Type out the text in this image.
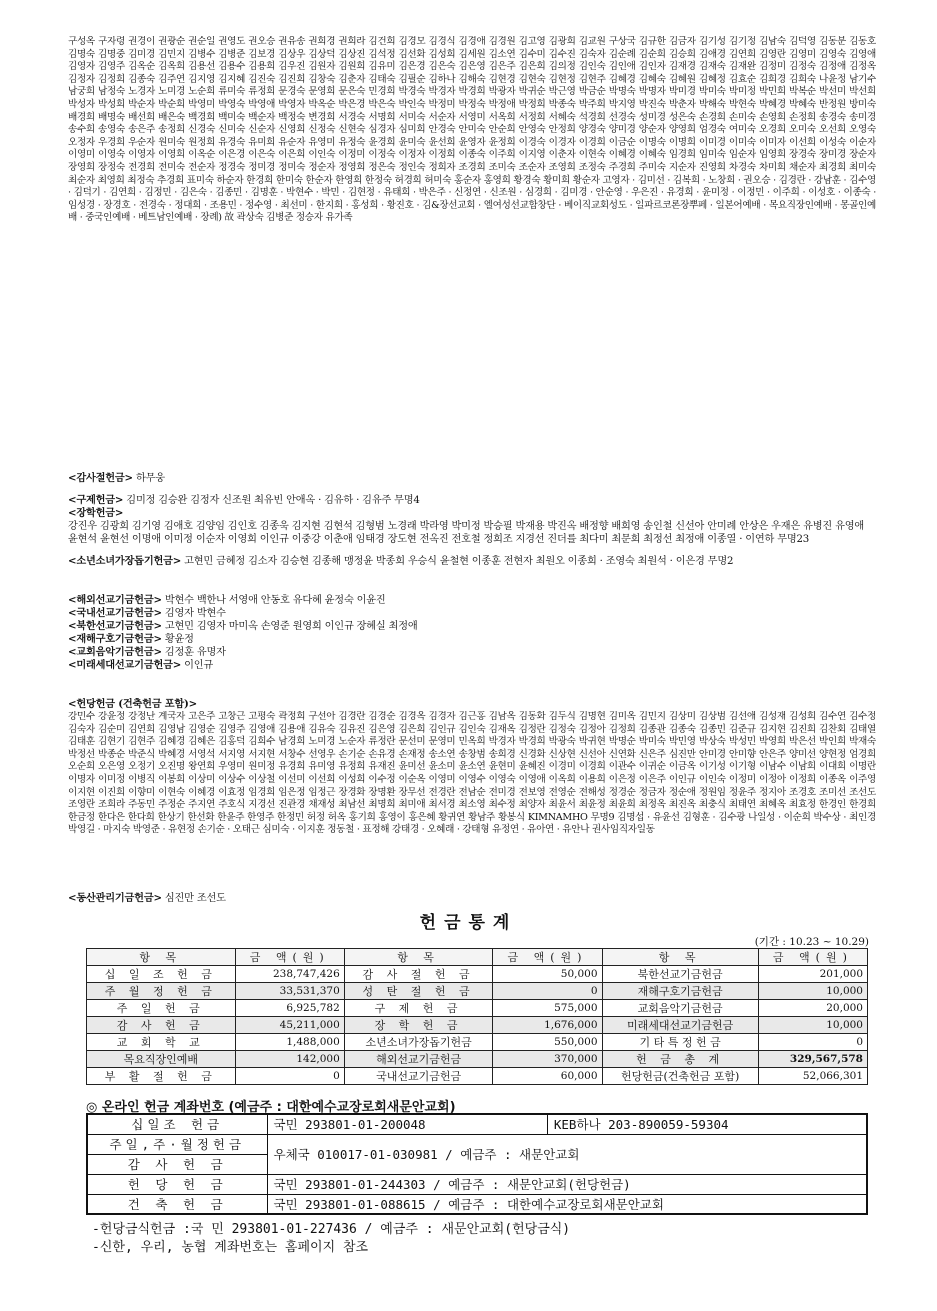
구성옥 구자령 권경이 권광순 권순일 권영도 권오승 권유송 권희경 권희라 김건희 김경모 김경식 김경애 김경원 김고영 김광희 김교원 구상국 김규한 김금자 김기성 김기정 김남숙 김덕영 김동분 김동호 김명숙 김명중 김미경 김민지 김병수 김병준 김보경 김상우 김상덕 김상진 김석정 김선화 김성희 김세원 김소연 김수미 김수진 김숙자 김순례 김순희 김승희 김애경 김연희 김영란 김영미 김영숙 김영애 김영자 김영주 김옥순 김옥희 김용선 김용수 김용희 김우진 김원자 김원희 김유미 김은경 김은숙 김은영 김은주 김은희 김의정 김인숙 김인애 김인자 김재경 김재숙 김재완 김정미 김정숙 김정애 김정옥 김정자 김정희 김종숙 김주연 김지영 김지혜 김진숙 김진희 김창숙 김춘자 김태숙 김필순 김하나 김해숙 김현경 김현숙 김현정 김현주 김혜경 김혜숙 김혜원 김혜정 김효순 김희경 김희숙 나윤정 남기수 남궁희 남정숙 노경자 노미경 노순희 류미숙 류정희 문경숙 문영희 문은숙 민경희 박경숙 박경자 박경희 박광자 박귀순 박근영 박금순 박명숙 박명자 박미경 박미숙 박미정 박민희 박복순 박선미 박선희 박성자 박성희 박순자 박순희 박영미 박영숙 박영애 박영자 박옥순 박은경 박은숙 박인숙 박정미 박정숙 박정애 박정희 박종숙 박주희 박지영 박진숙 박춘자 박해숙 박현숙 박혜경 박혜숙 반정원 방미숙 배경희 배명숙 배선희 배은숙 백경희 백미숙 백순자 백정숙 변경희 서경숙 서명희 서미숙 서순자 서영미 서옥희 서정희 서혜숙 석경희 선경숙 성미경 성은숙 손경희 손미숙 손영희 손정희 송경숙 송미경 송수희 송영숙 송은주 송정희 신경숙 신미숙 신순자 신영희 신정숙 신현숙 심경자 심미희 안경숙 안미숙 안순희 안영숙 안정희 양경숙 양미경 양순자 양영희 엄경숙 여미숙 오경희 오미숙 오선희 오영숙 오정자 우경희 우순자 원미숙 원정희 유경숙 유미희 유순자 유영미 유정숙 윤경희 윤미숙 윤선희 윤영자 윤정희 이경숙 이경자 이경희 이금순 이명숙 이명희 이미경 이미숙 이미자 이선희 이성숙 이순자 이영미 이영숙 이영자 이영희 이옥순 이은경 이은숙 이은희 이인숙 이정미 이정숙 이정자 이정희 이종숙 이주희 이지영 이춘자 이현숙 이혜경 이혜숙 임경희 임미숙 임순자 임영희 장경숙 장미경 장순자 장영희 장정숙 전경희 전미숙 전순자 정경숙 정미경 정미숙 정순자 정영희 정은숙 정인숙 정희자 조경희 조미숙 조순자 조영희 조정숙 주경희 주미숙 지순자 진영희 차경숙 차미희 채순자 최경희 최미숙 최순자 최영희 최정숙 추경희 표미숙 하순자 한경희 한미숙 한순자 한영희 한정숙 허경희 허미숙 홍순자 홍영희 황경숙 황미희 황순자 고영자 · 김미선 · 김복희 · 노창희 · 권오승 · 김경란 · 강남훈 · 김수영 · 김덕기 · 김연희 · 김정민 · 김은숙 · 김종민 · 김명훈 · 박현수 · 박민 · 김현정 · 유태희 · 박은주 · 신정연 · 신조원 · 심경희 · 김미경 · 안순영 · 우은진 · 유경희 · 윤미정 · 이정민 · 이주희 · 이성호 · 이종숙 · 임성경 · 장경호 · 전경숙 · 정대희 · 조용민 · 정수영 · 최선미 · 한지희 · 홍성희 · 황진호 · 김&장선교회 · 엘여성선교합창단 · 베이직교회성도 · 일파르코론장뿌페 · 일본어예배 · 목요직장인예배 · 몽골인예배 · 중국인예배 · 베트남인예배 · 장례) 故 곽상숙 김병준 정승자 유가족
<감사절헌금> 하무웅
<구제헌금> 김미정 김승완 김정자 신조원 최유빈 안애옥 · 김유하 · 김유주 무명4
<장학헌금>
강진우 김광희 김기영 김애호 김양임 김인호 김종욱 김지현 김현석 김형범 노경래 박라영 박미정 박승필 박재용 박진옥 배정향 배희영 송인철 신선아 안미례 안상은 우재은 유병진 유영애 윤현석 윤현선 이명애 이미정 이순자 이영희 이인규 이중강 이춘애 임태경 장도현 전옥진 전호철 정희조 지경선 진더를 최다미 최문희 최정선 최정애 이종열 · 이연하 무명23
<소년소녀가장돕기헌금> 고현민 금혜정 김소자 김승현 김종해 맹정윤 박종희 우승식 윤철현 이종훈 전현자 최원오 이종희 · 조영숙 최원석 · 이은경 무명2
<해외선교기금헌금> 박현수 백한나 서영애 안동호 유다혜 윤정숙 이윤진
<국내선교기금헌금> 김영자 박현수
<북한선교기금헌금> 고현민 김영자 마미옥 손영준 원영희 이인규 장혜실 최정애
<재해구호기금헌금> 황윤정
<교회음악기금헌금> 김정훈 유명자
<미래세대선교기금헌금> 이인규
<헌당헌금 (건축헌금 포함)>
강민수 강윤정 강정난 계국자 고은주 고창근 고평숙 곽정희 구선아 김경란 김경순 김경옥 김경자 김근홍 김남옥 김동화 김두식 김명현 김미옥 김민지 김상미 김상범 김선애 김성재 김성희 김수연 김수정 김숙자 김순미 김연희 김영남 김영순 김영주 김영애 김용애 김유숙 김유진 김은영 김은희 김인규 김인숙 김재옥 김정란 김정숙 김정아 김정희 김종관 김종숙 김종민 김준규 김지현 김진희 김찬회 김태열 김태훈 김현기 김현주 김혜경 김혜은 김홍덕 김희수 남경희 노미경 노순자 류정란 문선미 문영미 민옥희 박경자 박경희 박광숙 박귀현 박명순 박미숙 박민영 박상숙 박성민 박영희 박은선 박인희 박재숙 박정선 박종순 박준식 박혜경 서영석 서지영 서지현 서창수 선영우 손기순 손유경 손재정 송소연 송창범 송희경 신경화 신상현 신선아 신연화 신은주 심진만 안미경 안미향 안은주 양미선 양현정 엄경희 오순희 오은영 오정기 오진명 왕연희 우영미 원미정 유경희 유미영 유정희 유재진 윤미선 윤소미 윤소연 윤현미 윤혜진 이경미 이경희 이관수 이귀순 이금옥 이기성 이기형 이남수 이남희 이대희 이명란 이명자 이미정 이병직 이봉희 이상미 이상수 이상철 이선미 이선희 이성희 이수정 이순옥 이영미 이영수 이영숙 이영애 이옥희 이용희 이은정 이은주 이인규 이인숙 이정미 이정아 이정희 이종옥 이주영 이지현 이진희 이향미 이현숙 이혜경 이효정 임경희 임은정 임정근 장경화 장명환 장무선 전경란 전남순 전미경 전보영 전영순 전해성 정경순 정금자 정순애 정원임 정윤주 정지아 조경호 조미선 조선도 조영란 조희라 주동민 주정순 주지연 주호식 지경선 진관경 채재성 최남선 최명희 최미애 최서경 최소영 최수정 최양자 최윤서 최윤정 최윤희 최정옥 최진옥 최충식 최태연 최혜옥 최효정 한경인 한경희 한금정 한다은 한다희 한상기 한선화 한윤주 한영주 한정민 허정 허옥 홍기희 홍영이 홍은혜 황귀연 황남주 황봉식 KIMNAMHO 무명9 김명섭 · 유윤선 김형훈 · 김수광 나일성 · 이순희 박수상 · 최인경 박영길 · 마지숙 박영준 · 유현정 손기순 · 오태근 심미숙 · 이지훈 정동철 · 표정해 강태경 · 오혜래 · 강태형 유정연 · 유아연 · 유안나 권사임직자일동
<동산관리기금헌금> 심진만 조선도
헌금통계
(기간 : 10.23 ~ 10.29)
항 목	금 액(원)	항 목	금 액(원)	항 목	금 액(원)
십 일 조 헌 금	238,747,426	감 사 절 헌 금	50,000	북한선교기금헌금	201,000
주 월 정 헌 금	33,531,370	성 탄 절 헌 금	0	재해구호기금헌금	10,000
주 일 헌 금	6,925,782	구 제 헌 금	575,000	교회음악기금헌금	20,000
감 사 헌 금	45,211,000	장 학 헌 금	1,676,000	미래세대선교기금헌금	10,000
교 회 학 교	1,488,000	소년소녀가장돕기헌금	550,000	기 타 특 정 헌 금	0
목요직장인예배	142,000	해외선교기금헌금	370,000	헌 금 총 계	329,567,578
부 활 절 헌 금	0	국내선교기금헌금	60,000	헌당헌금(건축헌금 포함)	52,066,301
◎ 온라인 헌금 계좌번호 (예금주 : 대한예수교장로회새문안교회)
십일조 헌금	국민 293801-01-200048	KEB하나 203-890059-59304
주일,주·월정헌금	우체국 010017-01-030981 / 예금주 : 새문안교회	
감 사 헌 금		
헌 당 헌 금	국민 293801-01-244303 / 예금주 : 새문안교회(헌당헌금)	
건 축 헌 금	국민 293801-01-088615 / 예금주 : 대한예수교장로회새문안교회	
-헌당금식헌금 :국 민 293801-01-227436 / 예금주 : 새문안교회(헌당금식)
-신한, 우리, 농협 계좌번호는 홈페이지 참조
